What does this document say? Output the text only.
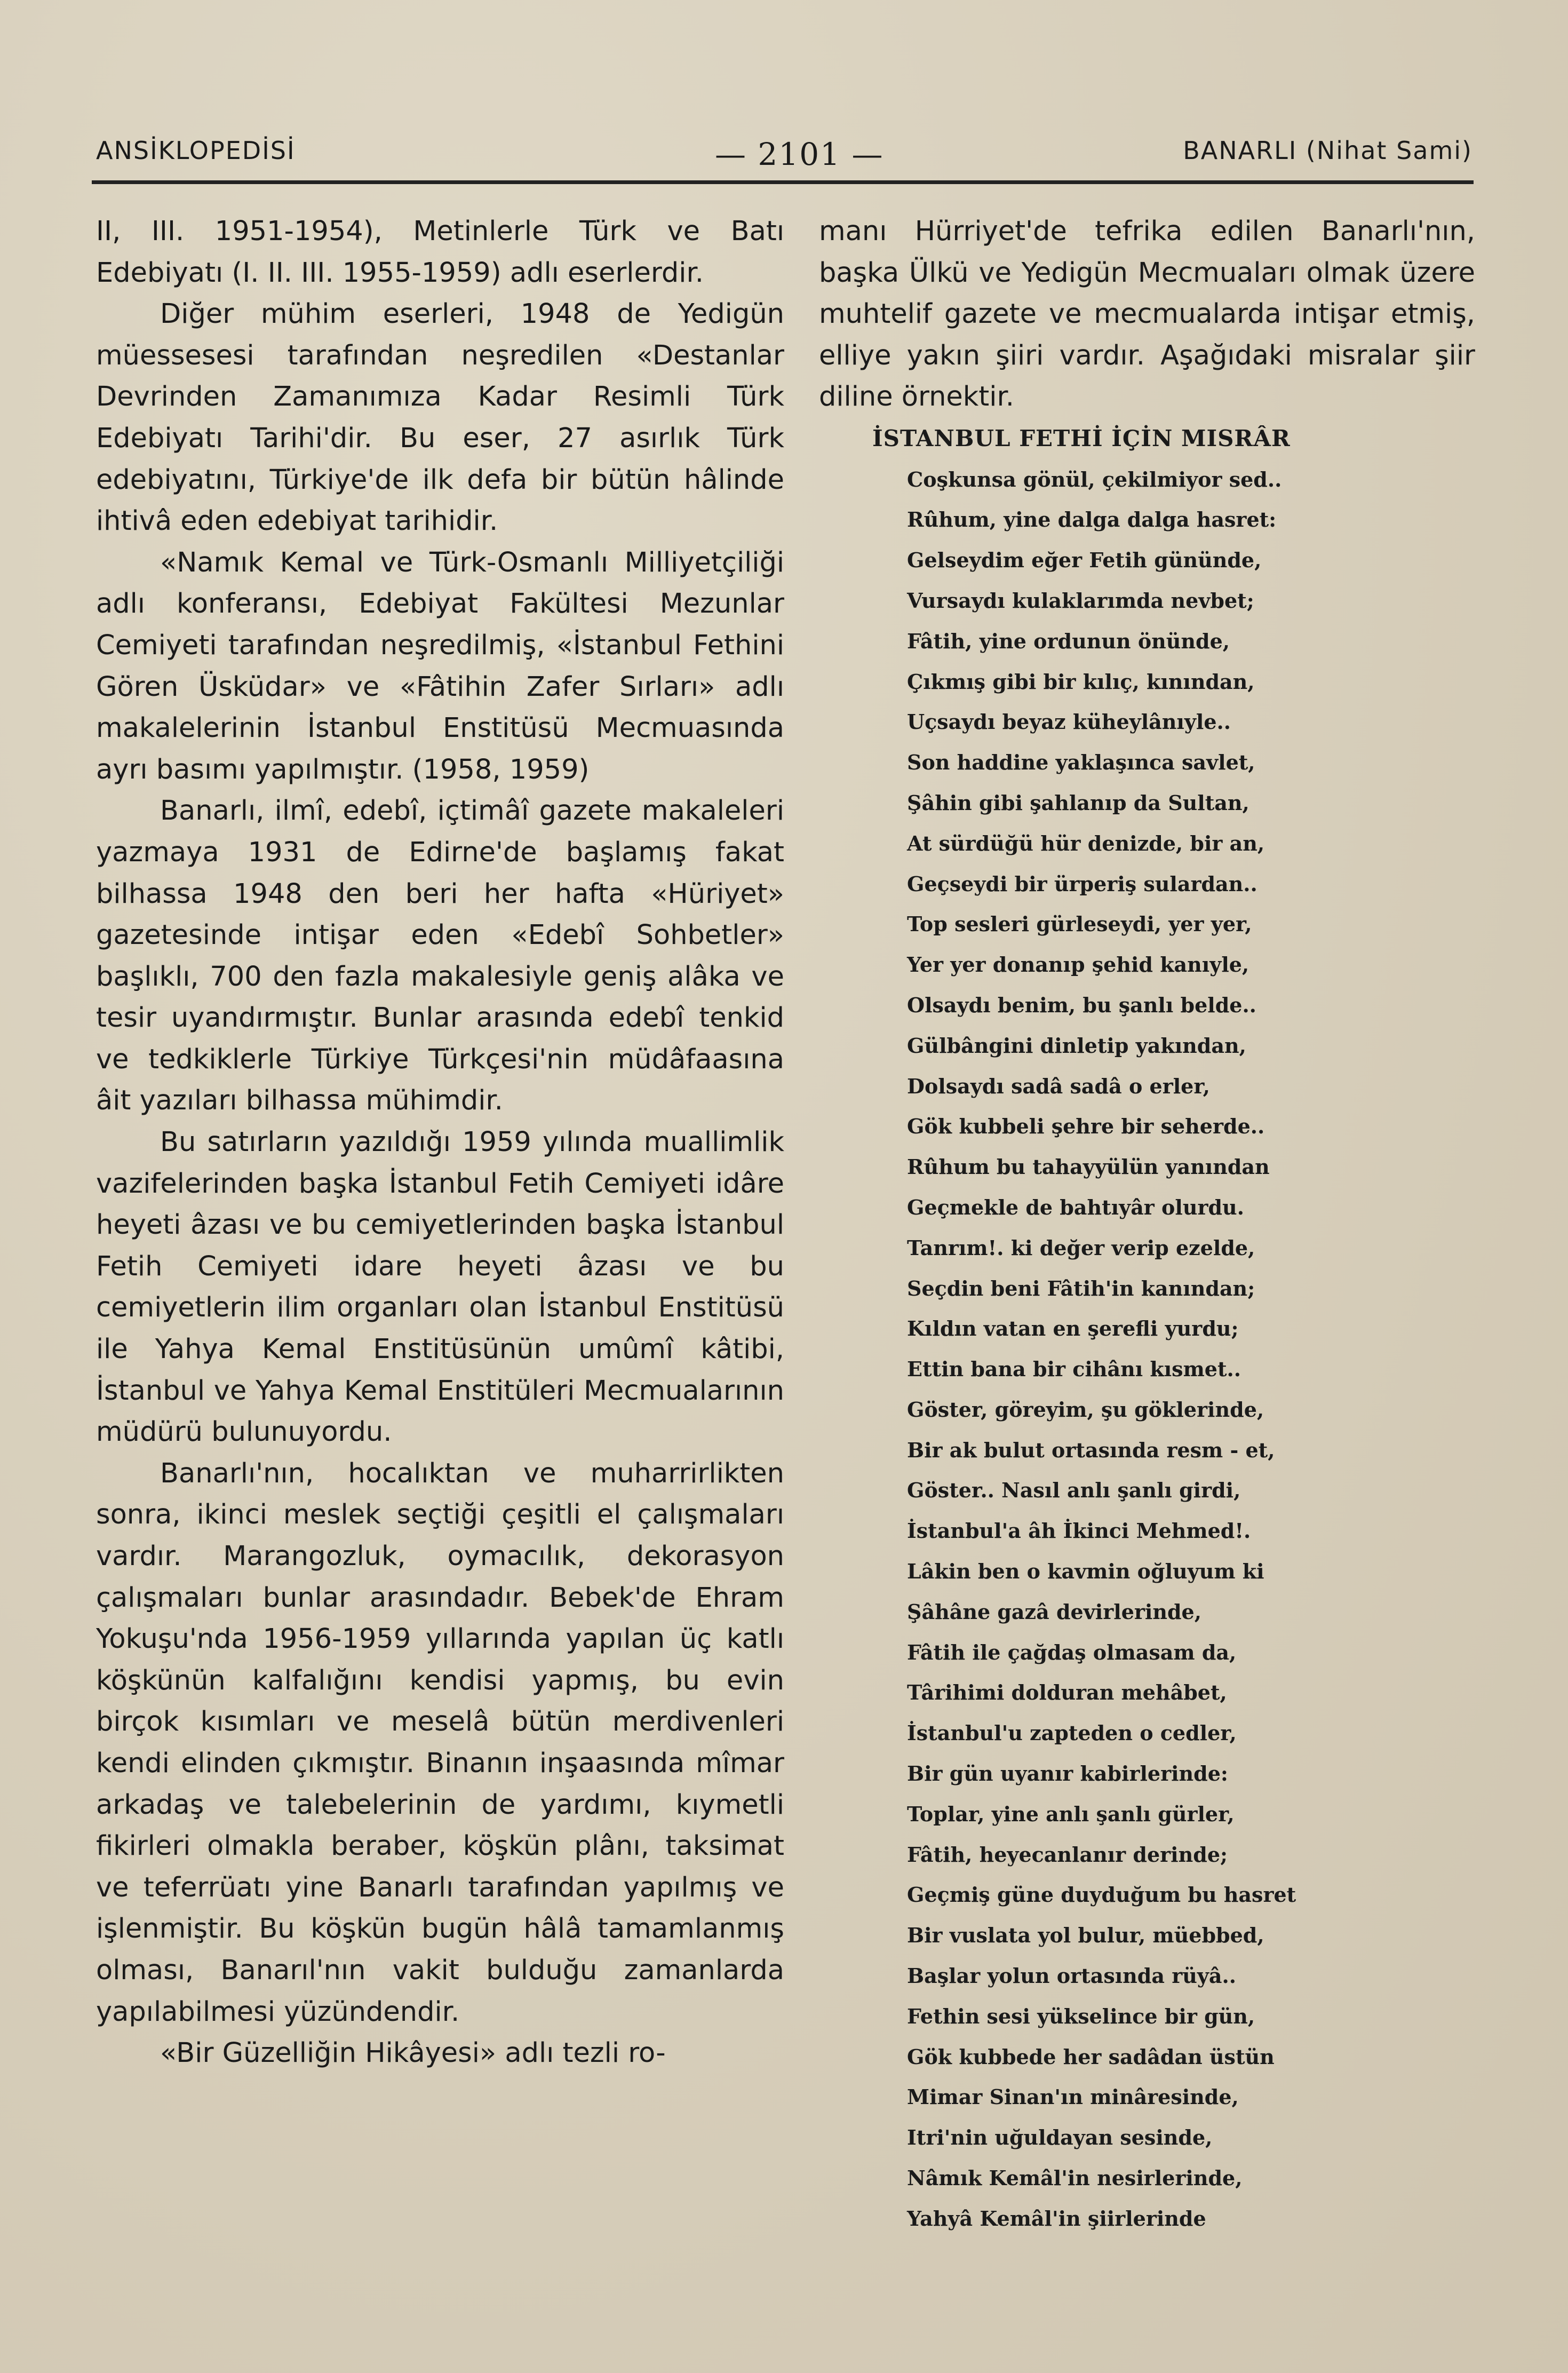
ANSİKLOPEDİSİ	— 2101 —	BANARLI (Nihat Sami)

II, III. 1951-1954), Metinlerle Türk ve Batı Edebiyatı (I. II. III. 1955-1959) adlı eserlerdir.

Diğer mühim eserleri, 1948 de Yedigün müessesesi tarafından neşredilen «Destanlar Devrinden Zamanımıza Kadar Resimli Türk Edebiyatı Tarihi'dir. Bu eser, 27 asırlık Türk edebiyatını, Türkiye'de ilk defa bir bütün hâlinde ihtivâ eden edebiyat tarihidir.

«Namık Kemal ve Türk-Osmanlı Milliyetçiliği adlı konferansı, Edebiyat Fakültesi Mezunlar Cemiyeti tarafından neşredilmiş, «İstanbul Fethini Gören Üsküdar» ve «Fâtihin Zafer Sırları» adlı makalelerinin İstanbul Enstitüsü Mecmuasında ayrı basımı yapılmıştır. (1958, 1959)

Banarlı, ilmî, edebî, içtimâî gazete makaleleri yazmaya 1931 de Edirne'de başlamış fakat bilhassa 1948 den beri her hafta «Hüriyet» gazetesinde intişar eden «Edebî Sohbetler» başlıklı, 700 den fazla makalesiyle geniş alâka ve tesir uyandırmıştır. Bunlar arasında edebî tenkid ve tedkiklerle Türkiye Türkçesi'nin müdâfaasına âit yazıları bilhassa mühimdir.

Bu satırların yazıldığı 1959 yılında muallimlik vazifelerinden başka İstanbul Fetih Cemiyeti idâre heyeti âzası ve bu cemiyetlerinden başka İstanbul Fetih Cemiyeti idare heyeti âzası ve bu cemiyetlerin ilim organları olan İstanbul Enstitüsü ile Yahya Kemal Enstitüsünün umûmî kâtibi, İstanbul ve Yahya Kemal Enstitüleri Mecmualarının müdürü bulunuyordu.

Banarlı'nın, hocalıktan ve muharrirlikten sonra, ikinci meslek seçtiği çeşitli el çalışmaları vardır. Marangozluk, oymacılık, dekorasyon çalışmaları bunlar arasındadır. Bebek'de Ehram Yokuşu'nda 1956-1959 yıllarında yapılan üç katlı köşkünün kalfalığını kendisi yapmış, bu evin birçok kısımları ve meselâ bütün merdivenleri kendi elinden çıkmıştır. Binanın inşaasında mîmar arkadaş ve talebelerinin de yardımı, kıymetli fikirleri olmakla beraber, köşkün plânı, taksimat ve teferrüatı yine Banarlı tarafından yapılmış ve işlenmiştir. Bu köşkün bugün hâlâ tamamlanmış olması, Banarıl'nın vakit bulduğu zamanlarda yapılabilmesi yüzündendir.

«Bir Güzelliğin Hikâyesi» adlı tezli ro-

manı Hürriyet'de tefrika edilen Banarlı'nın, başka Ülkü ve Yedigün Mecmuaları olmak üzere muhtelif gazete ve mecmualarda intişar etmiş, elliye yakın şiiri vardır. Aşağıdaki misralar şiir diline örnektir.

İSTANBUL FETHİ İÇİN MISRÂR
Coşkunsa gönül, çekilmiyor sed..
Rûhum, yine dalga dalga hasret:
Gelseydim eğer Fetih gününde,
Vursaydı kulaklarımda nevbet;
Fâtih, yine ordunun önünde,
Çıkmış gibi bir kılıç, kınından,
Uçsaydı beyaz küheylânıyle..
Son haddine yaklaşınca savlet,
Şâhin gibi şahlanıp da Sultan,
At sürdüğü hür denizde, bir an,
Geçseydi bir ürperiş sulardan..
Top sesleri gürleseydi, yer yer,
Yer yer donanıp şehid kanıyle,
Olsaydı benim, bu şanlı belde..
Gülbângini dinletip yakından,
Dolsaydı sadâ sadâ o erler,
Gök kubbeli şehre bir seherde..
Rûhum bu tahayyülün yanından
Geçmekle de bahtıyâr olurdu.
Tanrım!. ki değer verip ezelde,
Seçdin beni Fâtih'in kanından;
Kıldın vatan en şerefli yurdu;
Ettin bana bir cihânı kısmet..
Göster, göreyim, şu göklerinde,
Bir ak bulut ortasında resm - et,
Göster.. Nasıl anlı şanlı girdi,
İstanbul'a âh İkinci Mehmed!.
Lâkin ben o kavmin oğluyum ki
Şâhâne gazâ devirlerinde,
Fâtih ile çağdaş olmasam da,
Târihimi dolduran mehâbet,
İstanbul'u zapteden o cedler,
Bir gün uyanır kabirlerinde:
Toplar, yine anlı şanlı gürler,
Fâtih, heyecanlanır derinde;
Geçmiş güne duyduğum bu hasret
Bir vuslata yol bulur, müebbed,
Başlar yolun ortasında rüyâ..
Fethin sesi yükselince bir gün,
Gök kubbede her sadâdan üstün
Mimar Sinan'ın minâresinde,
Itri'nin uğuldayan sesinde,
Nâmık Kemâl'in nesirlerinde,
Yahyâ Kemâl'in şiirlerinde
